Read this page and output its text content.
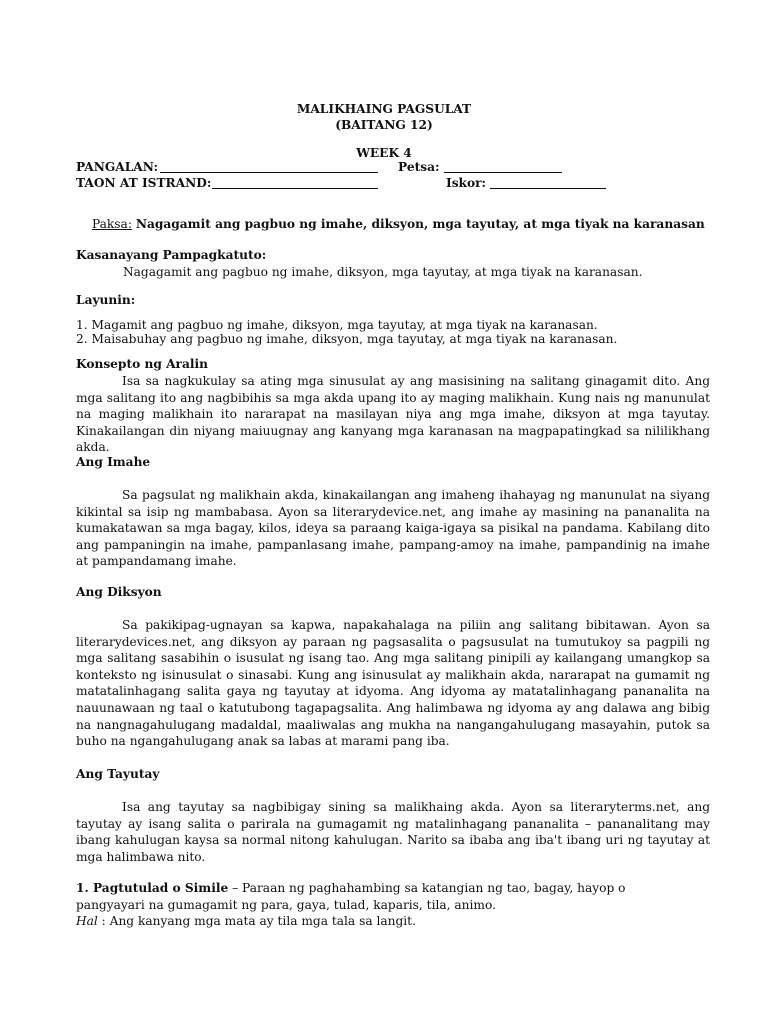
MALIKHAING PAGSULAT
(BAITANG 12)
WEEK 4
PANGALAN:	Petsa:
TAON AT ISTRAND:	Iskor:
Paksa: Nagagamit ang pagbuo ng imahe, diksyon, mga tayutay, at mga tiyak na karanasan
Kasanayang Pampagkatuto:
Nagagamit ang pagbuo ng imahe, diksyon, mga tayutay, at mga tiyak na karanasan.
Layunin:
1. Magamit ang pagbuo ng imahe, diksyon, mga tayutay, at mga tiyak na karanasan.
2. Maisabuhay ang pagbuo ng imahe, diksyon, mga tayutay, at mga tiyak na karanasan.
Konsepto ng Aralin

Isa sa nagkukulay sa ating mga sinusulat ay ang masisining na salitang ginagamit dito. Ang mga salitang ito ang nagbibihis sa mga akda upang ito ay maging malikhain. Kung nais ng manunulat na maging malikhain ito nararapat na masilayan niya ang mga imahe, diksyon at mga tayutay. Kinakailangan din niyang maiuugnay ang kanyang mga karanasan na magpapatingkad sa nililikhang akda.

Ang Imahe

Sa pagsulat ng malikhain akda, kinakailangan ang imaheng ihahayag ng manunulat na siyang kikintal sa isip ng mambabasa. Ayon sa literarydevice.net, ang imahe ay masining na pananalita na kumakatawan sa mga bagay, kilos, ideya sa paraang kaiga-igaya sa pisikal na pandama. Kabilang dito ang pampaningin na imahe, pampanlasang imahe, pampang-amoy na imahe, pampandinig na imahe at pampandamang imahe.

Ang Diksyon

Sa pakikipag-ugnayan sa kapwa, napakahalaga na piliin ang salitang bibitawan. Ayon sa literarydevices.net, ang diksyon ay paraan ng pagsasalita o pagsusulat na tumutukoy sa pagpili ng mga salitang sasabihin o isusulat ng isang tao. Ang mga salitang pinipili ay kailangang umangkop sa konteksto ng isinusulat o sinasabi. Kung ang isinusulat ay malikhain akda, nararapat na gumamit ng matatalinhagang salita gaya ng tayutay at idyoma. Ang idyoma ay matatalinhagang pananalita na nauunawaan ng taal o katutubong tagapagsalita. Ang halimbawa ng idyoma ay ang dalawa ang bibig na nangnagahulugang madaldal, maaliwalas ang mukha na nangangahulugang masayahin, putok sa buho na ngangahulugang anak sa labas at marami pang iba.

Ang Tayutay

Isa ang tayutay sa nagbibigay sining sa malikhaing akda. Ayon sa literaryterms.net, ang tayutay ay isang salita o parirala na gumagamit ng matalinhagang pananalita – pananalitang may ibang kahulugan kaysa sa normal nitong kahulugan. Narito sa ibaba ang iba't ibang uri ng tayutay at mga halimbawa nito.

1. Pagtutulad o Simile – Paraan ng paghahambing sa katangian ng tao, bagay, hayop o
pangyayari na gumagamit ng para, gaya, tulad, kaparis, tila, animo.
Hal : Ang kanyang mga mata ay tila mga tala sa langit.
